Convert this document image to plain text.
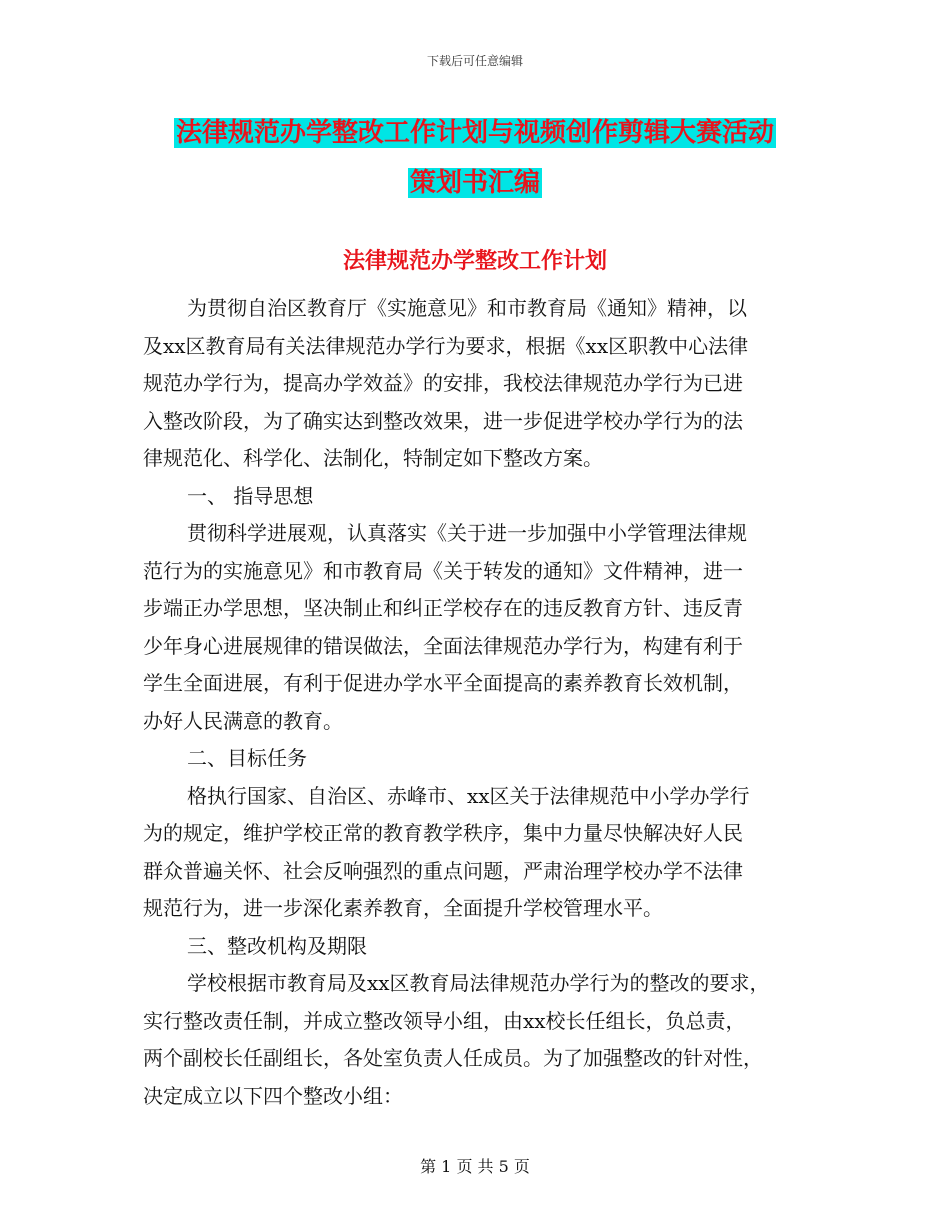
下载后可任意编辑
法律规范办学整改工作计划与视频创作剪辑大赛活动
策划书汇编
法律规范办学整改工作计划
为贯彻自治区教育厅《实施意见》和市教育局《通知》精神，以
及xx区教育局有关法律规范办学行为要求，根据《xx区职教中心法律
规范办学行为，提高办学效益》的安排，我校法律规范办学行为已进
入整改阶段，为了确实达到整改效果，进一步促进学校办学行为的法
律规范化、科学化、法制化，特制定如下整改方案。
一、 指导思想
贯彻科学进展观，认真落实《关于进一步加强中小学管理法律规
范行为的实施意见》和市教育局《关于转发的通知》文件精神，进一
步端正办学思想，坚决制止和纠正学校存在的违反教育方针、违反青
少年身心进展规律的错误做法，全面法律规范办学行为，构建有利于
学生全面进展，有利于促进办学水平全面提高的素养教育长效机制，
办好人民满意的教育。
二、目标任务
格执行国家、自治区、赤峰市、xx区关于法律规范中小学办学行
为的规定，维护学校正常的教育教学秩序，集中力量尽快解决好人民
群众普遍关怀、社会反响强烈的重点问题，严肃治理学校办学不法律
规范行为，进一步深化素养教育，全面提升学校管理水平。
三、整改机构及期限
学校根据市教育局及xx区教育局法律规范办学行为的整改的要求，
实行整改责任制，并成立整改领导小组，由xx校长任组长，负总责，
两个副校长任副组长，各处室负责人任成员。为了加强整改的针对性，
决定成立以下四个整改小组：
第 1 页 共 5 页
